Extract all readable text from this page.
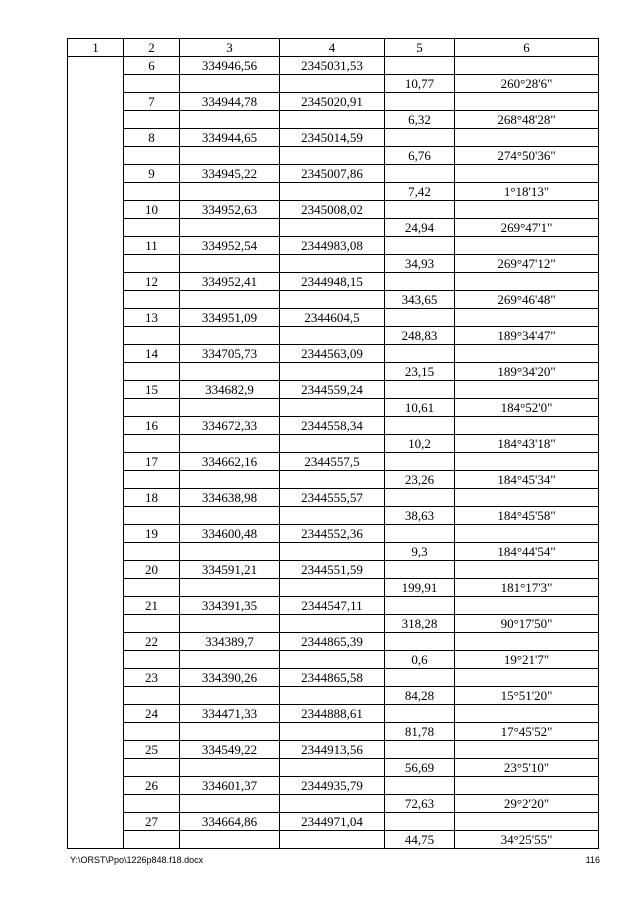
1	2	3	4	5	6
	6	334946,56	2345031,53		
				10,77	260°28'6"
	7	334944,78	2345020,91		
				6,32	268°48'28"
	8	334944,65	2345014,59		
				6,76	274°50'36"
	9	334945,22	2345007,86		
				7,42	1°18'13"
	10	334952,63	2345008,02		
				24,94	269°47'1"
	11	334952,54	2344983,08		
				34,93	269°47'12"
	12	334952,41	2344948,15		
				343,65	269°46'48"
	13	334951,09	2344604,5		
				248,83	189°34'47"
	14	334705,73	2344563,09		
				23,15	189°34'20"
	15	334682,9	2344559,24		
				10,61	184°52'0"
	16	334672,33	2344558,34		
				10,2	184°43'18"
	17	334662,16	2344557,5		
				23,26	184°45'34"
	18	334638,98	2344555,57		
				38,63	184°45'58"
	19	334600,48	2344552,36		
				9,3	184°44'54"
	20	334591,21	2344551,59		
				199,91	181°17'3"
	21	334391,35	2344547,11		
				318,28	90°17'50"
	22	334389,7	2344865,39		
				0,6	19°21'7"
	23	334390,26	2344865,58		
				84,28	15°51'20"
	24	334471,33	2344888,61		
				81,78	17°45'52"
	25	334549,22	2344913,56		
				56,69	23°5'10"
	26	334601,37	2344935,79		
				72,63	29°2'20"
	27	334664,86	2344971,04		
				44,75	34°25'55"
Y:\ORST\Ppo\1226p848.f18.docx	116
